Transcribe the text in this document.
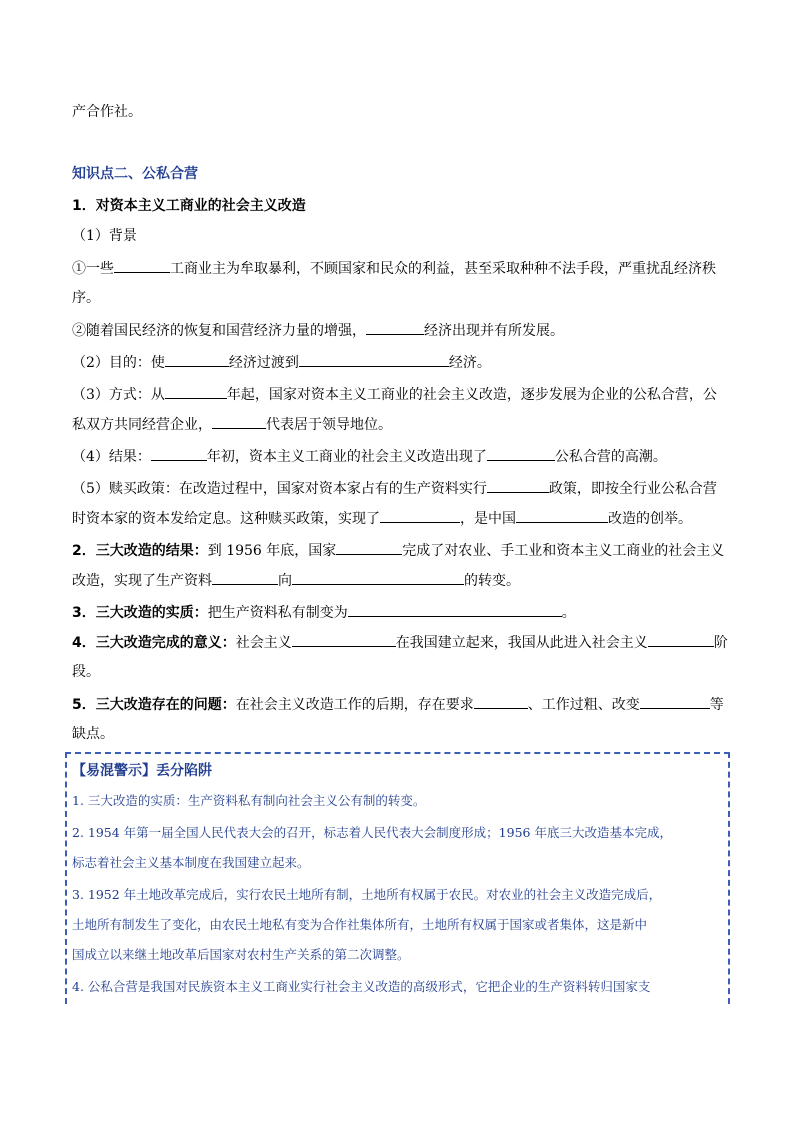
产合作社。
知识点二、公私合营
1．对资本主义工商业的社会主义改造
（1）背景
①一些	工商业主为牟取暴利，不顾国家和民众的利益，甚至采取种种不法手段，严重扰乱经济秩
序。
②随着国民经济的恢复和国营经济力量的增强，	经济出现并有所发展。
（2）目的：使	经济过渡到	经济。
（3）方式：从	年起，国家对资本主义工商业的社会主义改造，逐步发展为企业的公私合营，公
私双方共同经营企业，	代表居于领导地位。
（4）结果：	年初，资本主义工商业的社会主义改造出现了	公私合营的高潮。
（5）赎买政策：在改造过程中，国家对资本家占有的生产资料实行	政策，即按全行业公私合营
时资本家的资本发给定息。这种赎买政策，实现了	，是中国	改造的创举。
2．三大改造的结果：到 1956 年底，国家	完成了对农业、手工业和资本主义工商业的社会主义
改造，实现了生产资料	向	的转变。
3．三大改造的实质：把生产资料私有制变为	。
4．三大改造完成的意义：社会主义	在我国建立起来，我国从此进入社会主义	阶
段。
5．三大改造存在的问题：在社会主义改造工作的后期，存在要求	、工作过粗、改变	等
缺点。
【易混警示】丢分陷阱
1. 三大改造的实质：生产资料私有制向社会主义公有制的转变。
2. 1954 年第一届全国人民代表大会的召开，标志着人民代表大会制度形成；1956 年底三大改造基本完成，
标志着社会主义基本制度在我国建立起来。
3. 1952 年土地改革完成后，实行农民土地所有制，土地所有权属于农民。对农业的社会主义改造完成后，
土地所有制发生了变化，由农民土地私有变为合作社集体所有，土地所有权属于国家或者集体，这是新中
国成立以来继土地改革后国家对农村生产关系的第二次调整。
4. 公私合营是我国对民族资本主义工商业实行社会主义改造的高级形式，它把企业的生产资料转归国家支
